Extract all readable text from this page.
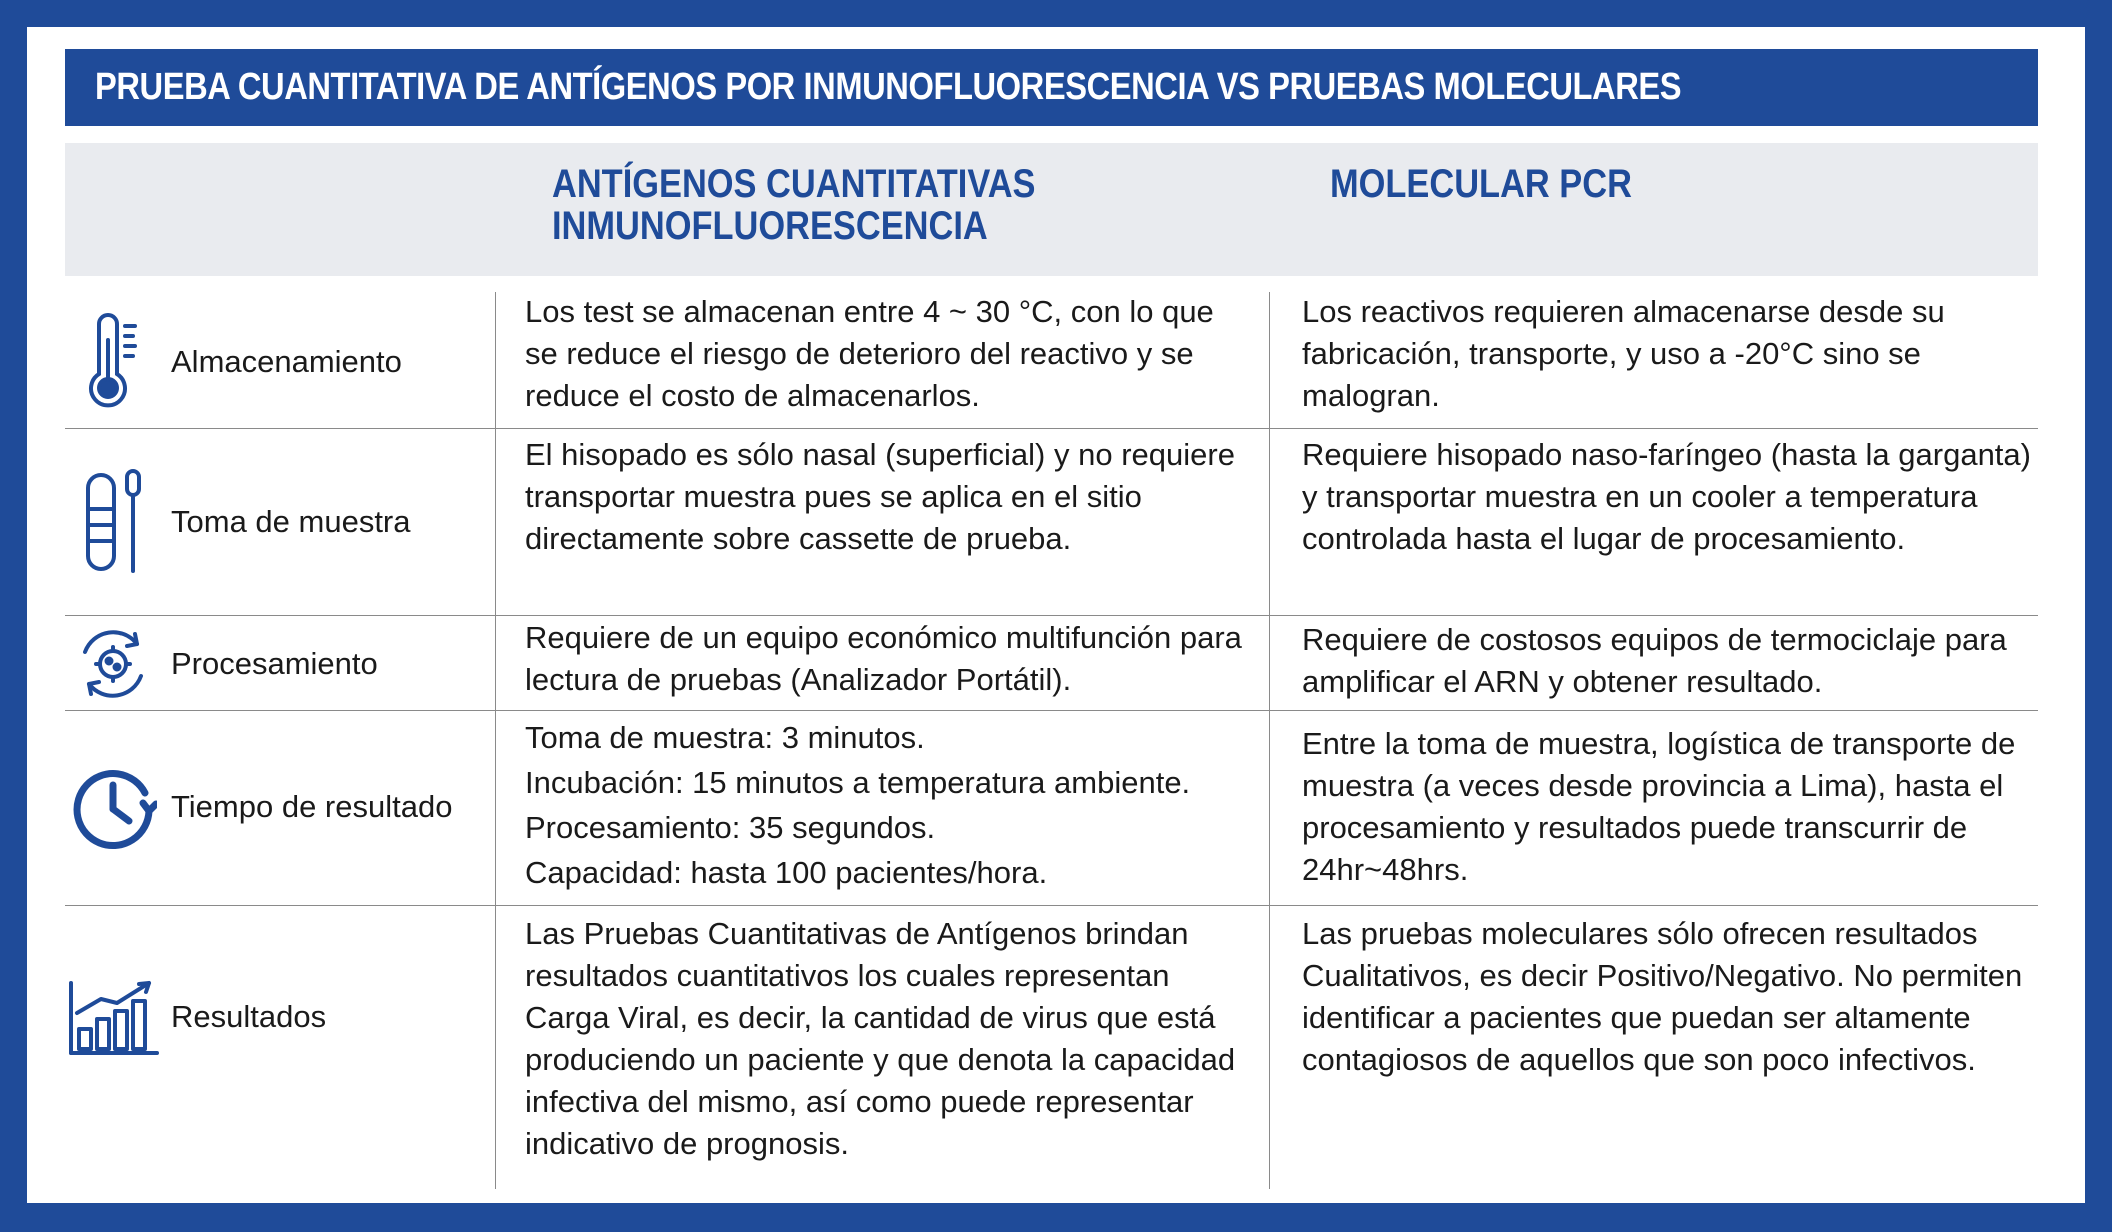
PRUEBA CUANTITATIVA DE ANTÍGENOS POR INMUNOFLUORESCENCIA VS PRUEBAS MOLECULARES
ANTÍGENOS CUANTITATIVAS
INMUNOFLUORESCENCIA
MOLECULAR PCR
Almacenamiento
Los test se almacenan entre 4 ~ 30 °C, con lo que se reduce el riesgo de deterioro del reactivo y se reduce el costo de almacenarlos.
Los reactivos requieren almacenarse desde su fabricación, transporte, y uso a -20°C sino se malogran.
Toma de muestra
El hisopado es sólo nasal (superficial) y no requiere transportar muestra pues se aplica en el sitio directamente sobre cassette de prueba.
Requiere hisopado naso-faríngeo (hasta la garganta) y transportar muestra en un cooler a temperatura controlada hasta el lugar de procesamiento.
Procesamiento
Requiere de un equipo económico multifunción para lectura de pruebas (Analizador Portátil).
Requiere de costosos equipos de termociclaje para amplificar el ARN y obtener resultado.
Tiempo de resultado

Toma de muestra: 3 minutos.

Incubación: 15 minutos a temperatura ambiente.

Procesamiento: 35 segundos.

Capacidad: hasta 100 pacientes/hora.

Entre la toma de muestra, logística de transporte de muestra (a veces desde provincia a Lima), hasta el procesamiento y resultados puede transcurrir de 24hr~48hrs.
Resultados
Las Pruebas Cuantitativas de Antígenos brindan resultados cuantitativos los cuales representan Carga Viral, es decir, la cantidad de virus que está produciendo un paciente y que denota la capacidad infectiva del mismo, así como puede representar indicativo de prognosis.
Las pruebas moleculares sólo ofrecen resultados Cualitativos, es decir Positivo/Negativo. No permiten identificar a pacientes que puedan ser altamente contagiosos de aquellos que son poco infectivos.
